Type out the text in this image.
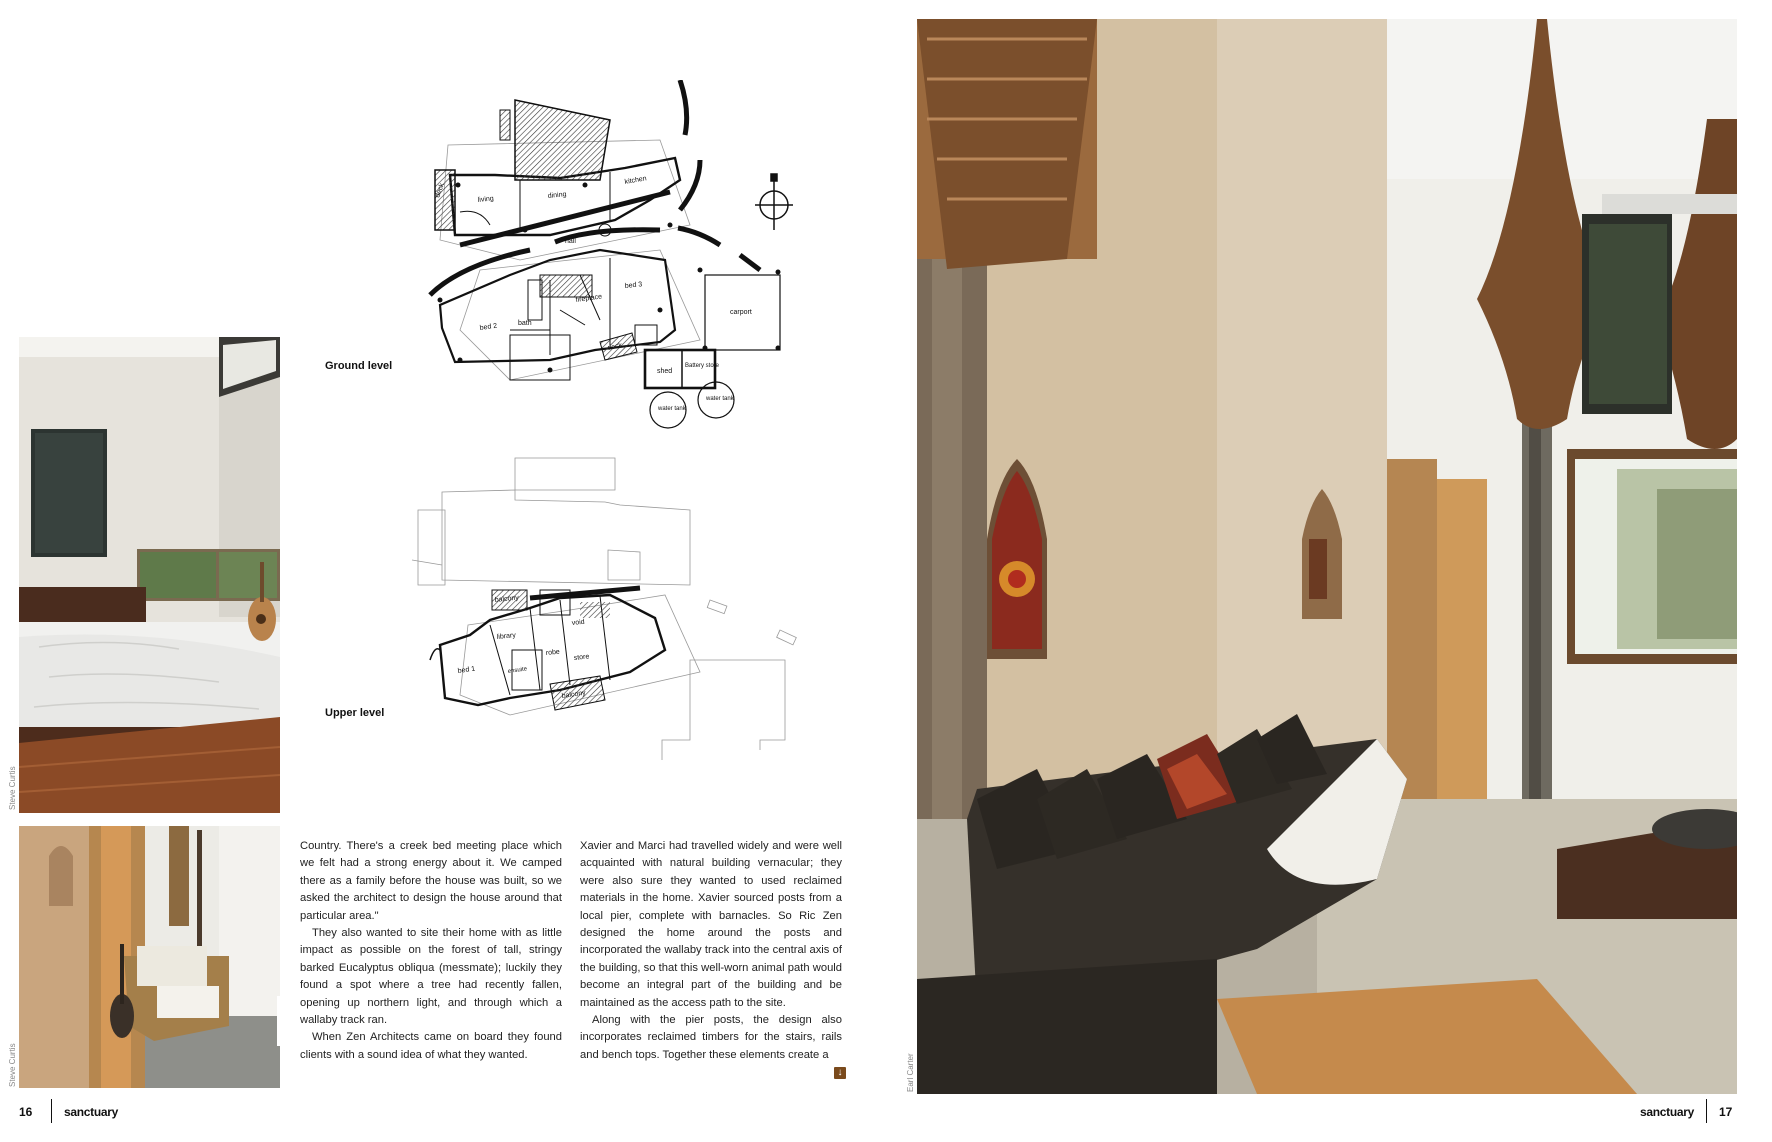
Steve Curtis
Steve Curtis
living	dining
kitchen
deck
hall
bed 2	bath
bed 3
fireplace
deck
carport
shed
Battery store
water tank
water tank
Ground level
balcony
library
void
bed 1	ensuite
robe
store
balcony
Upper level

Country. There's a creek bed meeting place which we felt had a strong energy about it. We camped there as a family before the house was built, so we asked the architect to design the house around that particular area."

They also wanted to site their home with as little impact as possible on the forest of tall, stringy barked Eucalyptus obliqua (messmate); luckily they found a spot where a tree had recently fallen, opening up northern light, and through which a wallaby track ran.

When Zen Architects came on board they found clients with a sound idea of what they wanted.

Xavier and Marci had travelled widely and were well acquainted with natural building vernacular; they were also sure they wanted to used reclaimed materials in the home. Xavier sourced posts from a local pier, complete with barnacles. So Ric Zen designed the home around the posts and incorporated the wallaby track into the central axis of the building, so that this well-worn animal path would become an integral part of the building and be maintained as the access path to the site.

Along with the pier posts, the design also incorporates reclaimed timbers for the stairs, rails and bench tops. Together these elements create a

↓
16	sanctuary
Earl Carter
sanctuary 17
